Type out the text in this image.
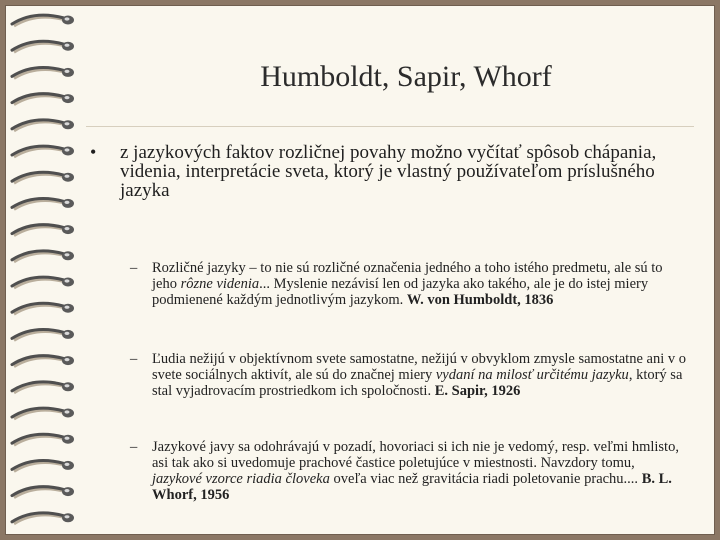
Humboldt, Sapir, Whorf
• z jazykových faktov rozličnej povahy možno vyčítať spôsob chápania, videnia, interpretácie sveta, ktorý je vlastný používateľom príslušného jazyka
– Rozličné jazyky – to nie sú rozličné označenia jedného a toho istého predmetu, ale sú to jeho rôzne videnia... Myslenie nezávisí len od jazyka ako takého, ale je do istej miery podmienené každým jednotlivým jazykom. W. von Humboldt, 1836
– Ľudia nežijú v objektívnom svete samostatne, nežijú v obvyklom zmysle samostatne ani v o svete sociálnych aktivít, ale sú do značnej miery vydaní na milosť určitému jazyku, ktorý sa stal vyjadrovacím prostriedkom ich spoločnosti. E. Sapir, 1926
– Jazykové javy sa odohrávajú v pozadí, hovoriaci si ich nie je vedomý, resp. veľmi hmlisto, asi tak ako si uvedomuje prachové častice poletujúce v miestnosti. Navzdory tomu, jazykové vzorce riadia človeka oveľa viac než gravitácia riadi poletovanie prachu.... B. L. Whorf, 1956
